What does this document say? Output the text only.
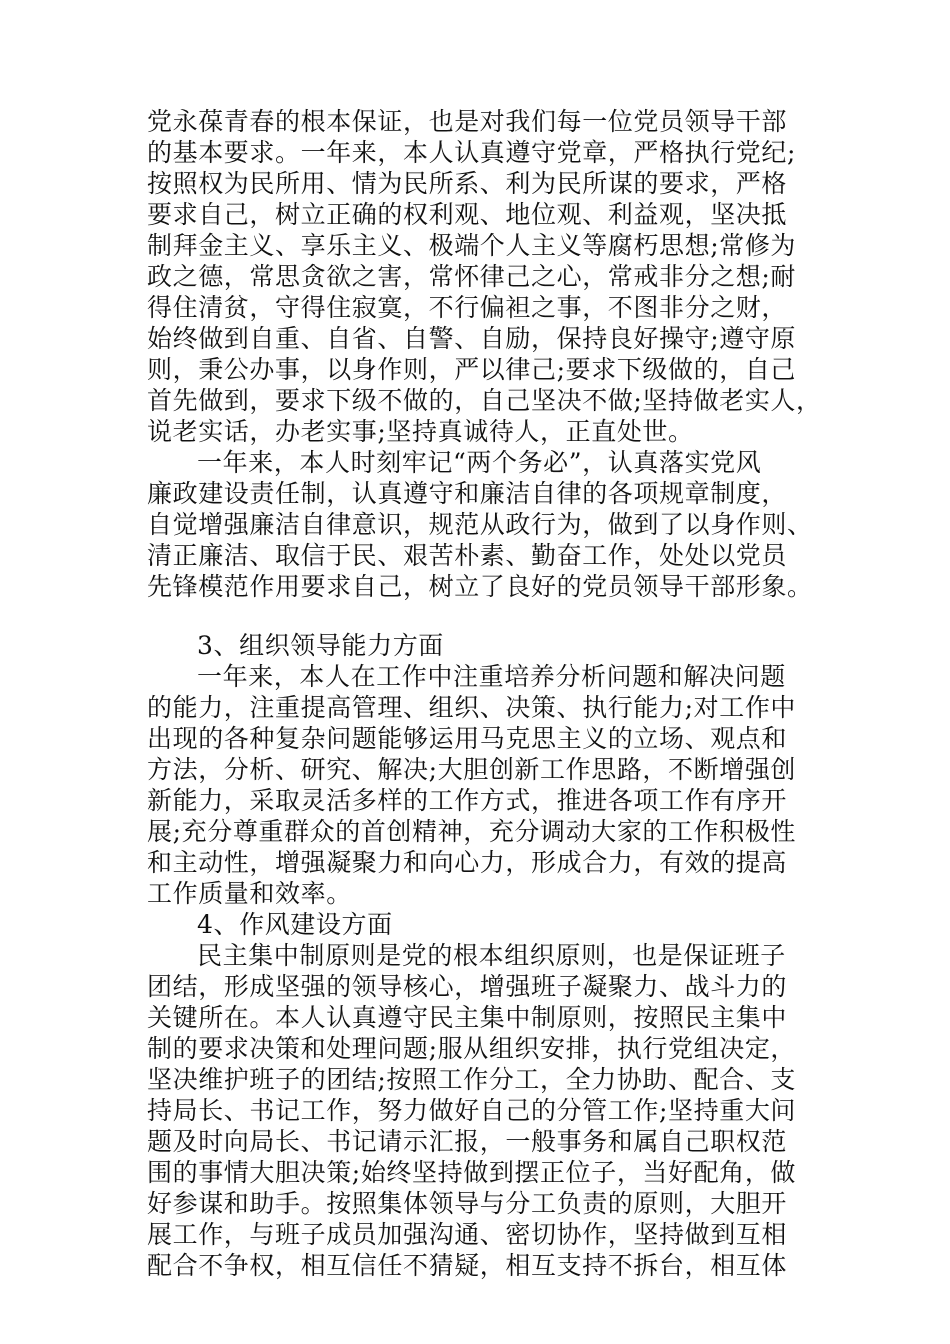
党永葆青春的根本保证，也是对我们每一位党员领导干部
的基本要求。一年来，本人认真遵守党章，严格执行党纪;
按照权为民所用、情为民所系、利为民所谋的要求，严格
要求自己，树立正确的权利观、地位观、利益观，坚决抵
制拜金主义、享乐主义、极端个人主义等腐朽思想;常修为
政之德，常思贪欲之害，常怀律己之心，常戒非分之想;耐
得住清贫，守得住寂寞，不行偏袒之事，不图非分之财，
始终做到自重、自省、自警、自励，保持良好操守;遵守原
则，秉公办事，以身作则，严以律己;要求下级做的，自己
首先做到，要求下级不做的，自己坚决不做;坚持做老实人，
说老实话，办老实事;坚持真诚待人，正直处世。
一年来，本人时刻牢记“两个务必”，认真落实党风
廉政建设责任制，认真遵守和廉洁自律的各项规章制度，
自觉增强廉洁自律意识，规范从政行为，做到了以身作则、
清正廉洁、取信于民、艰苦朴素、勤奋工作，处处以党员
先锋模范作用要求自己，树立了良好的党员领导干部形象。
3、组织领导能力方面
一年来，本人在工作中注重培养分析问题和解决问题
的能力，注重提高管理、组织、决策、执行能力;对工作中
出现的各种复杂问题能够运用马克思主义的立场、观点和
方法，分析、研究、解决;大胆创新工作思路，不断增强创
新能力，采取灵活多样的工作方式，推进各项工作有序开
展;充分尊重群众的首创精神，充分调动大家的工作积极性
和主动性，增强凝聚力和向心力，形成合力，有效的提高
工作质量和效率。
4、作风建设方面
民主集中制原则是党的根本组织原则，也是保证班子
团结，形成坚强的领导核心，增强班子凝聚力、战斗力的
关键所在。本人认真遵守民主集中制原则，按照民主集中
制的要求决策和处理问题;服从组织安排，执行党组决定，
坚决维护班子的团结;按照工作分工，全力协助、配合、支
持局长、书记工作，努力做好自己的分管工作;坚持重大问
题及时向局长、书记请示汇报，一般事务和属自己职权范
围的事情大胆决策;始终坚持做到摆正位子，当好配角，做
好参谋和助手。按照集体领导与分工负责的原则，大胆开
展工作，与班子成员加强沟通、密切协作，坚持做到互相
配合不争权，相互信任不猜疑，相互支持不拆台，相互体
